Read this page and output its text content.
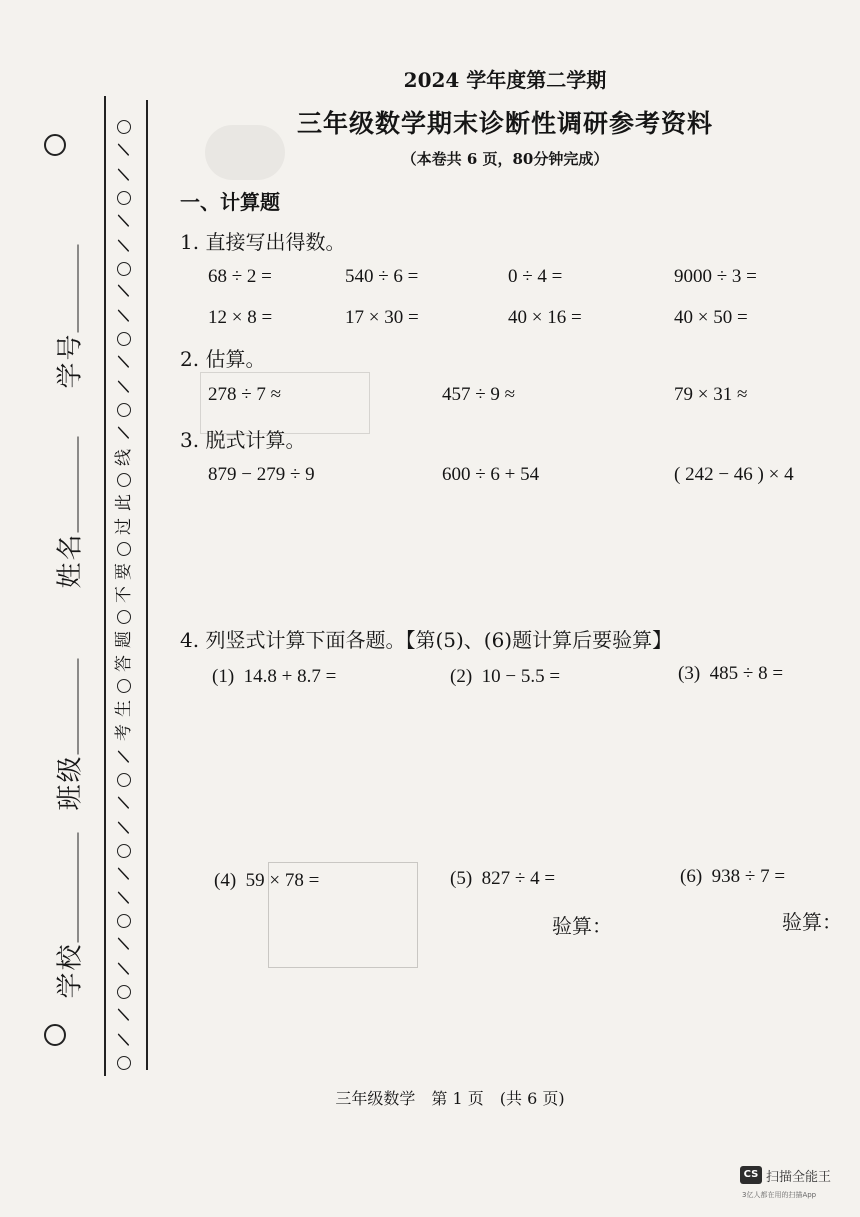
学号
姓名
班级
学校
/
/
/
/
/
/
/
/
/
线
此
过
要
不
题
答
生
考
/
/
/
/
/
/
/
/
/
2024 学年度第二学期
三年级数学期末诊断性调研参考资料
（本卷共 6 页，80分钟完成）
一、计算题
1. 直接写出得数。
68 ÷ 2 =	540 ÷ 6 =	0 ÷ 4 =	9000 ÷ 3 =
12 × 8 =	17 × 30 =	40 × 16 =	40 × 50 =
2. 估算。
278 ÷ 7 ≈	457 ÷ 9 ≈	79 × 31 ≈
3. 脱式计算。
879 − 279 ÷ 9	600 ÷ 6 + 54	( 242 − 46 ) × 4
4. 列竖式计算下面各题。【第(5)、(6)题计算后要验算】
(1) 14.8 + 8.7 =	(2) 10 − 5.5 =	(3) 485 ÷ 8 =
(4) 59 × 78 =	(5) 827 ÷ 4 =	(6) 938 ÷ 7 =
验算：	验算：
三年级数学　第 1 页　(共 6 页)
CS 扫描全能王
3亿人都在用的扫描App
